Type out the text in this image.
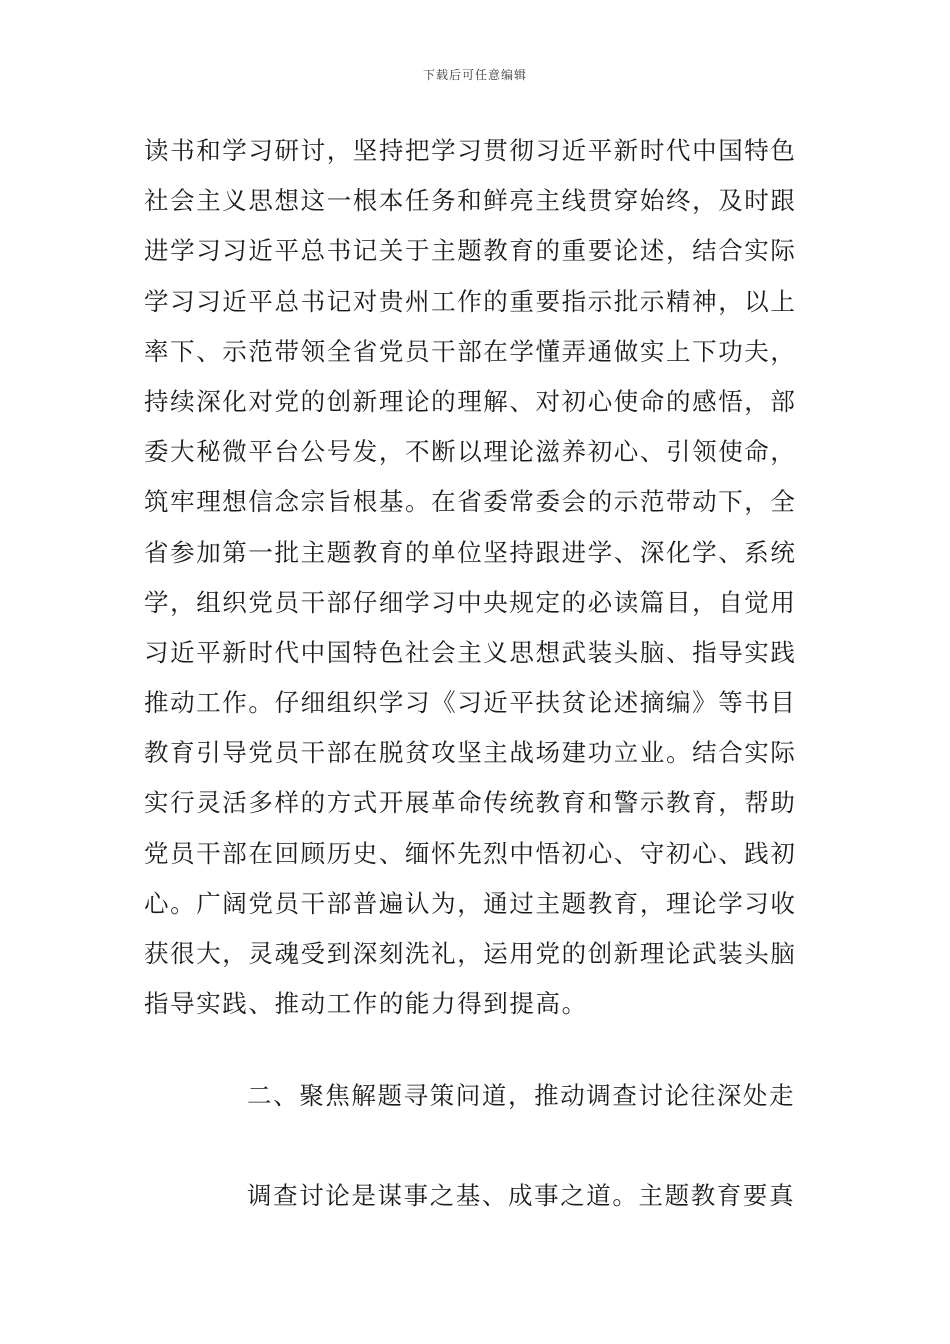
下载后可任意编辑
读书和学习研讨，坚持把学习贯彻习近平新时代中国特色
社会主义思想这一根本任务和鲜亮主线贯穿始终，及时跟
进学习习近平总书记关于主题教育的重要论述，结合实际
学习习近平总书记对贵州工作的重要指示批示精神，以上
率下、示范带领全省党员干部在学懂弄通做实上下功夫，
持续深化对党的创新理论的理解、对初心使命的感悟，部
委大秘微平台公号发，不断以理论滋养初心、引领使命，
筑牢理想信念宗旨根基。在省委常委会的示范带动下，全
省参加第一批主题教育的单位坚持跟进学、深化学、系统
学，组织党员干部仔细学习中央规定的必读篇目，自觉用
习近平新时代中国特色社会主义思想武装头脑、指导实践
推动工作。仔细组织学习《习近平扶贫论述摘编》等书目
教育引导党员干部在脱贫攻坚主战场建功立业。结合实际
实行灵活多样的方式开展革命传统教育和警示教育，帮助
党员干部在回顾历史、缅怀先烈中悟初心、守初心、践初
心。广阔党员干部普遍认为，通过主题教育，理论学习收
获很大，灵魂受到深刻洗礼，运用党的创新理论武装头脑
指导实践、推动工作的能力得到提高。
二、聚焦解题寻策问道，推动调查讨论往深处走
调查讨论是谋事之基、成事之道。主题教育要真
